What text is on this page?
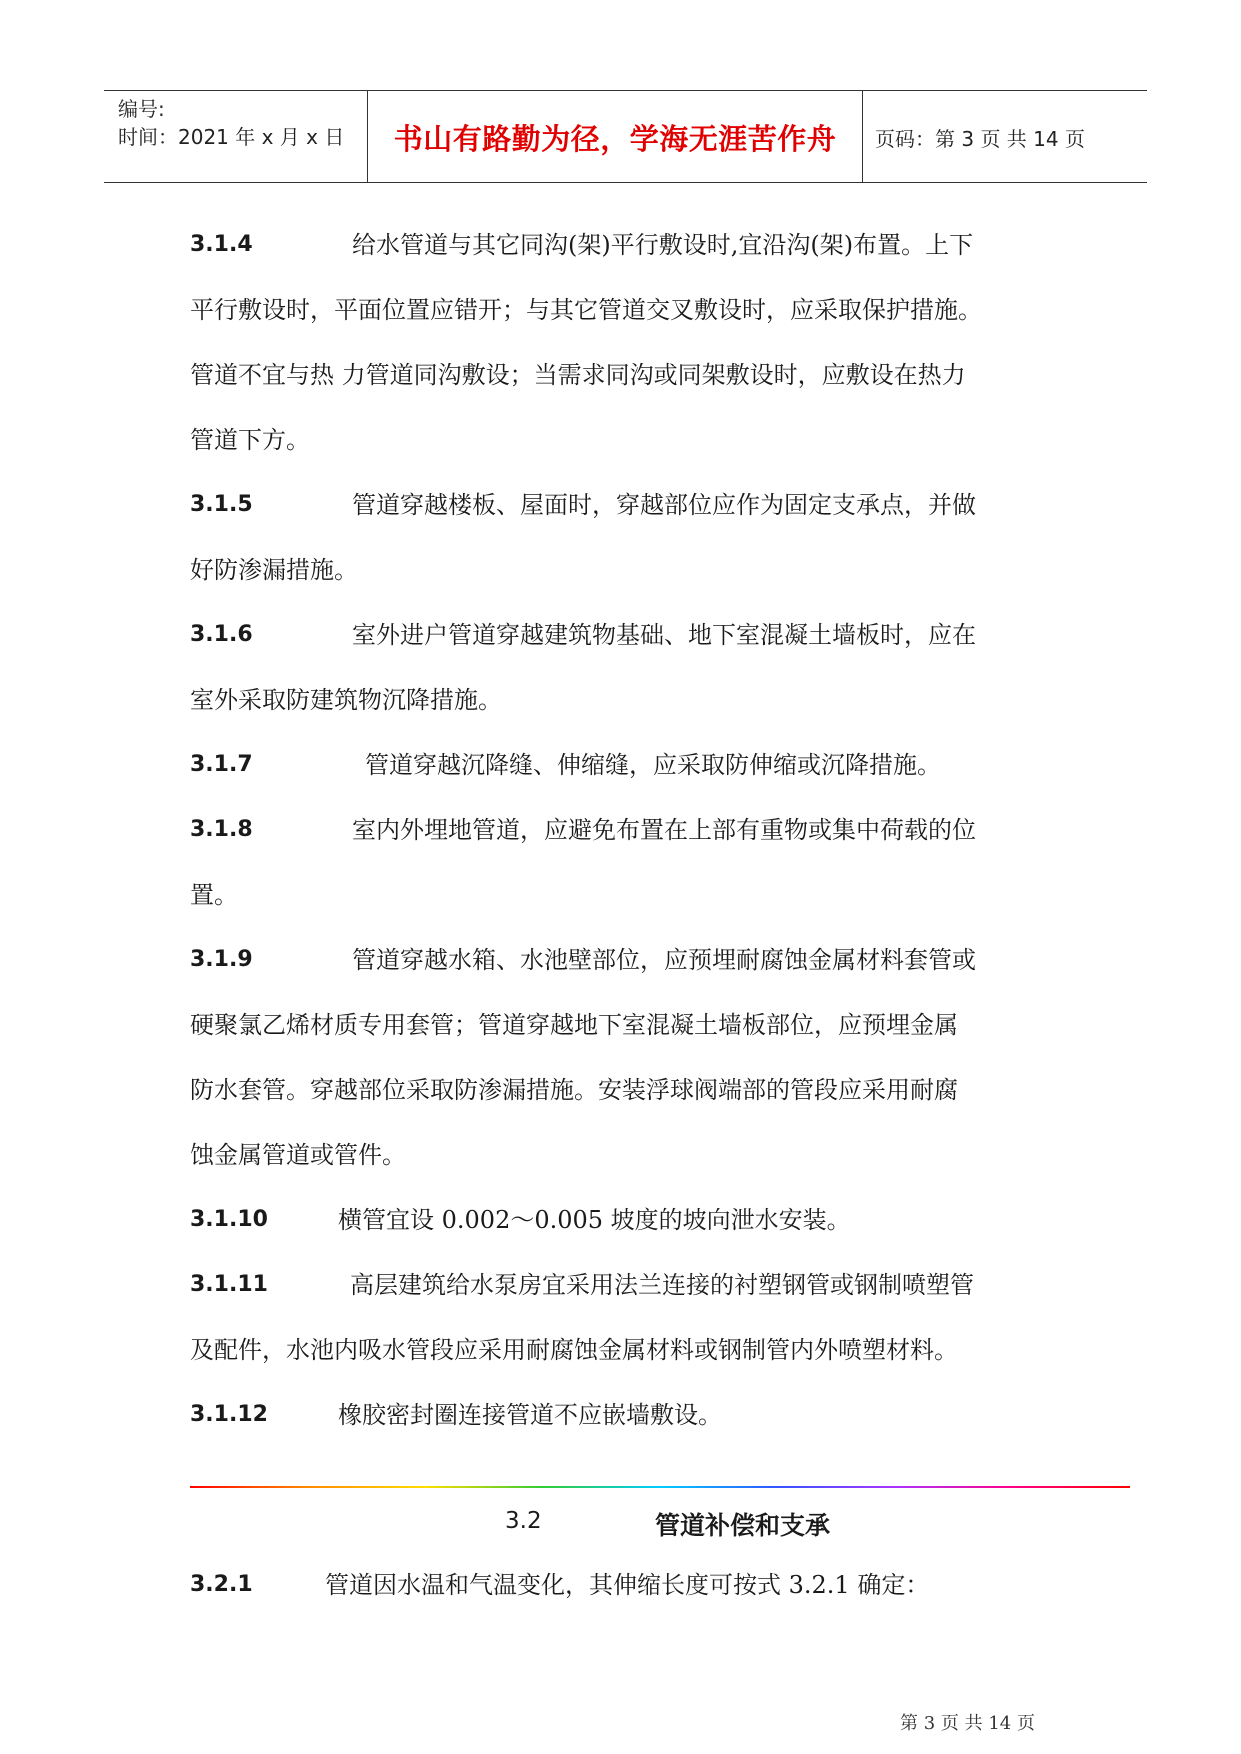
编号:
时间：2021 年 x 月 x 日	书山有路勤为径，学海无涯苦作舟	页码：第 3 页 共 14 页
3.1.4	给水管道与其它同沟(架)平行敷设时,宜沿沟(架)布置。上下
平行敷设时，平面位置应错开；与其它管道交叉敷设时，应采取保护措施。
管道不宜与热 力管道同沟敷设；当需求同沟或同架敷设时，应敷设在热力
管道下方。
3.1.5	管道穿越楼板、屋面时，穿越部位应作为固定支承点，并做
好防渗漏措施。
3.1.6	室外进户管道穿越建筑物基础、地下室混凝土墙板时，应在
室外采取防建筑物沉降措施。
3.1.7	管道穿越沉降缝、伸缩缝，应采取防伸缩或沉降措施。
3.1.8	室内外埋地管道，应避免布置在上部有重物或集中荷载的位
置。
3.1.9	管道穿越水箱、水池壁部位，应预埋耐腐蚀金属材料套管或
硬聚氯乙烯材质专用套管；管道穿越地下室混凝土墙板部位，应预埋金属
防水套管。穿越部位采取防渗漏措施。安装浮球阀端部的管段应采用耐腐
蚀金属管道或管件。
3.1.10	横管宜设 0.002～0.005 坡度的坡向泄水安装。
3.1.11	高层建筑给水泵房宜采用法兰连接的衬塑钢管或钢制喷塑管
及配件，水池内吸水管段应采用耐腐蚀金属材料或钢制管内外喷塑材料。
3.1.12	橡胶密封圈连接管道不应嵌墙敷设。
3.2	管道补偿和支承
3.2.1	管道因水温和气温变化，其伸缩长度可按式 3.2.1 确定：
第 3 页 共 14 页
